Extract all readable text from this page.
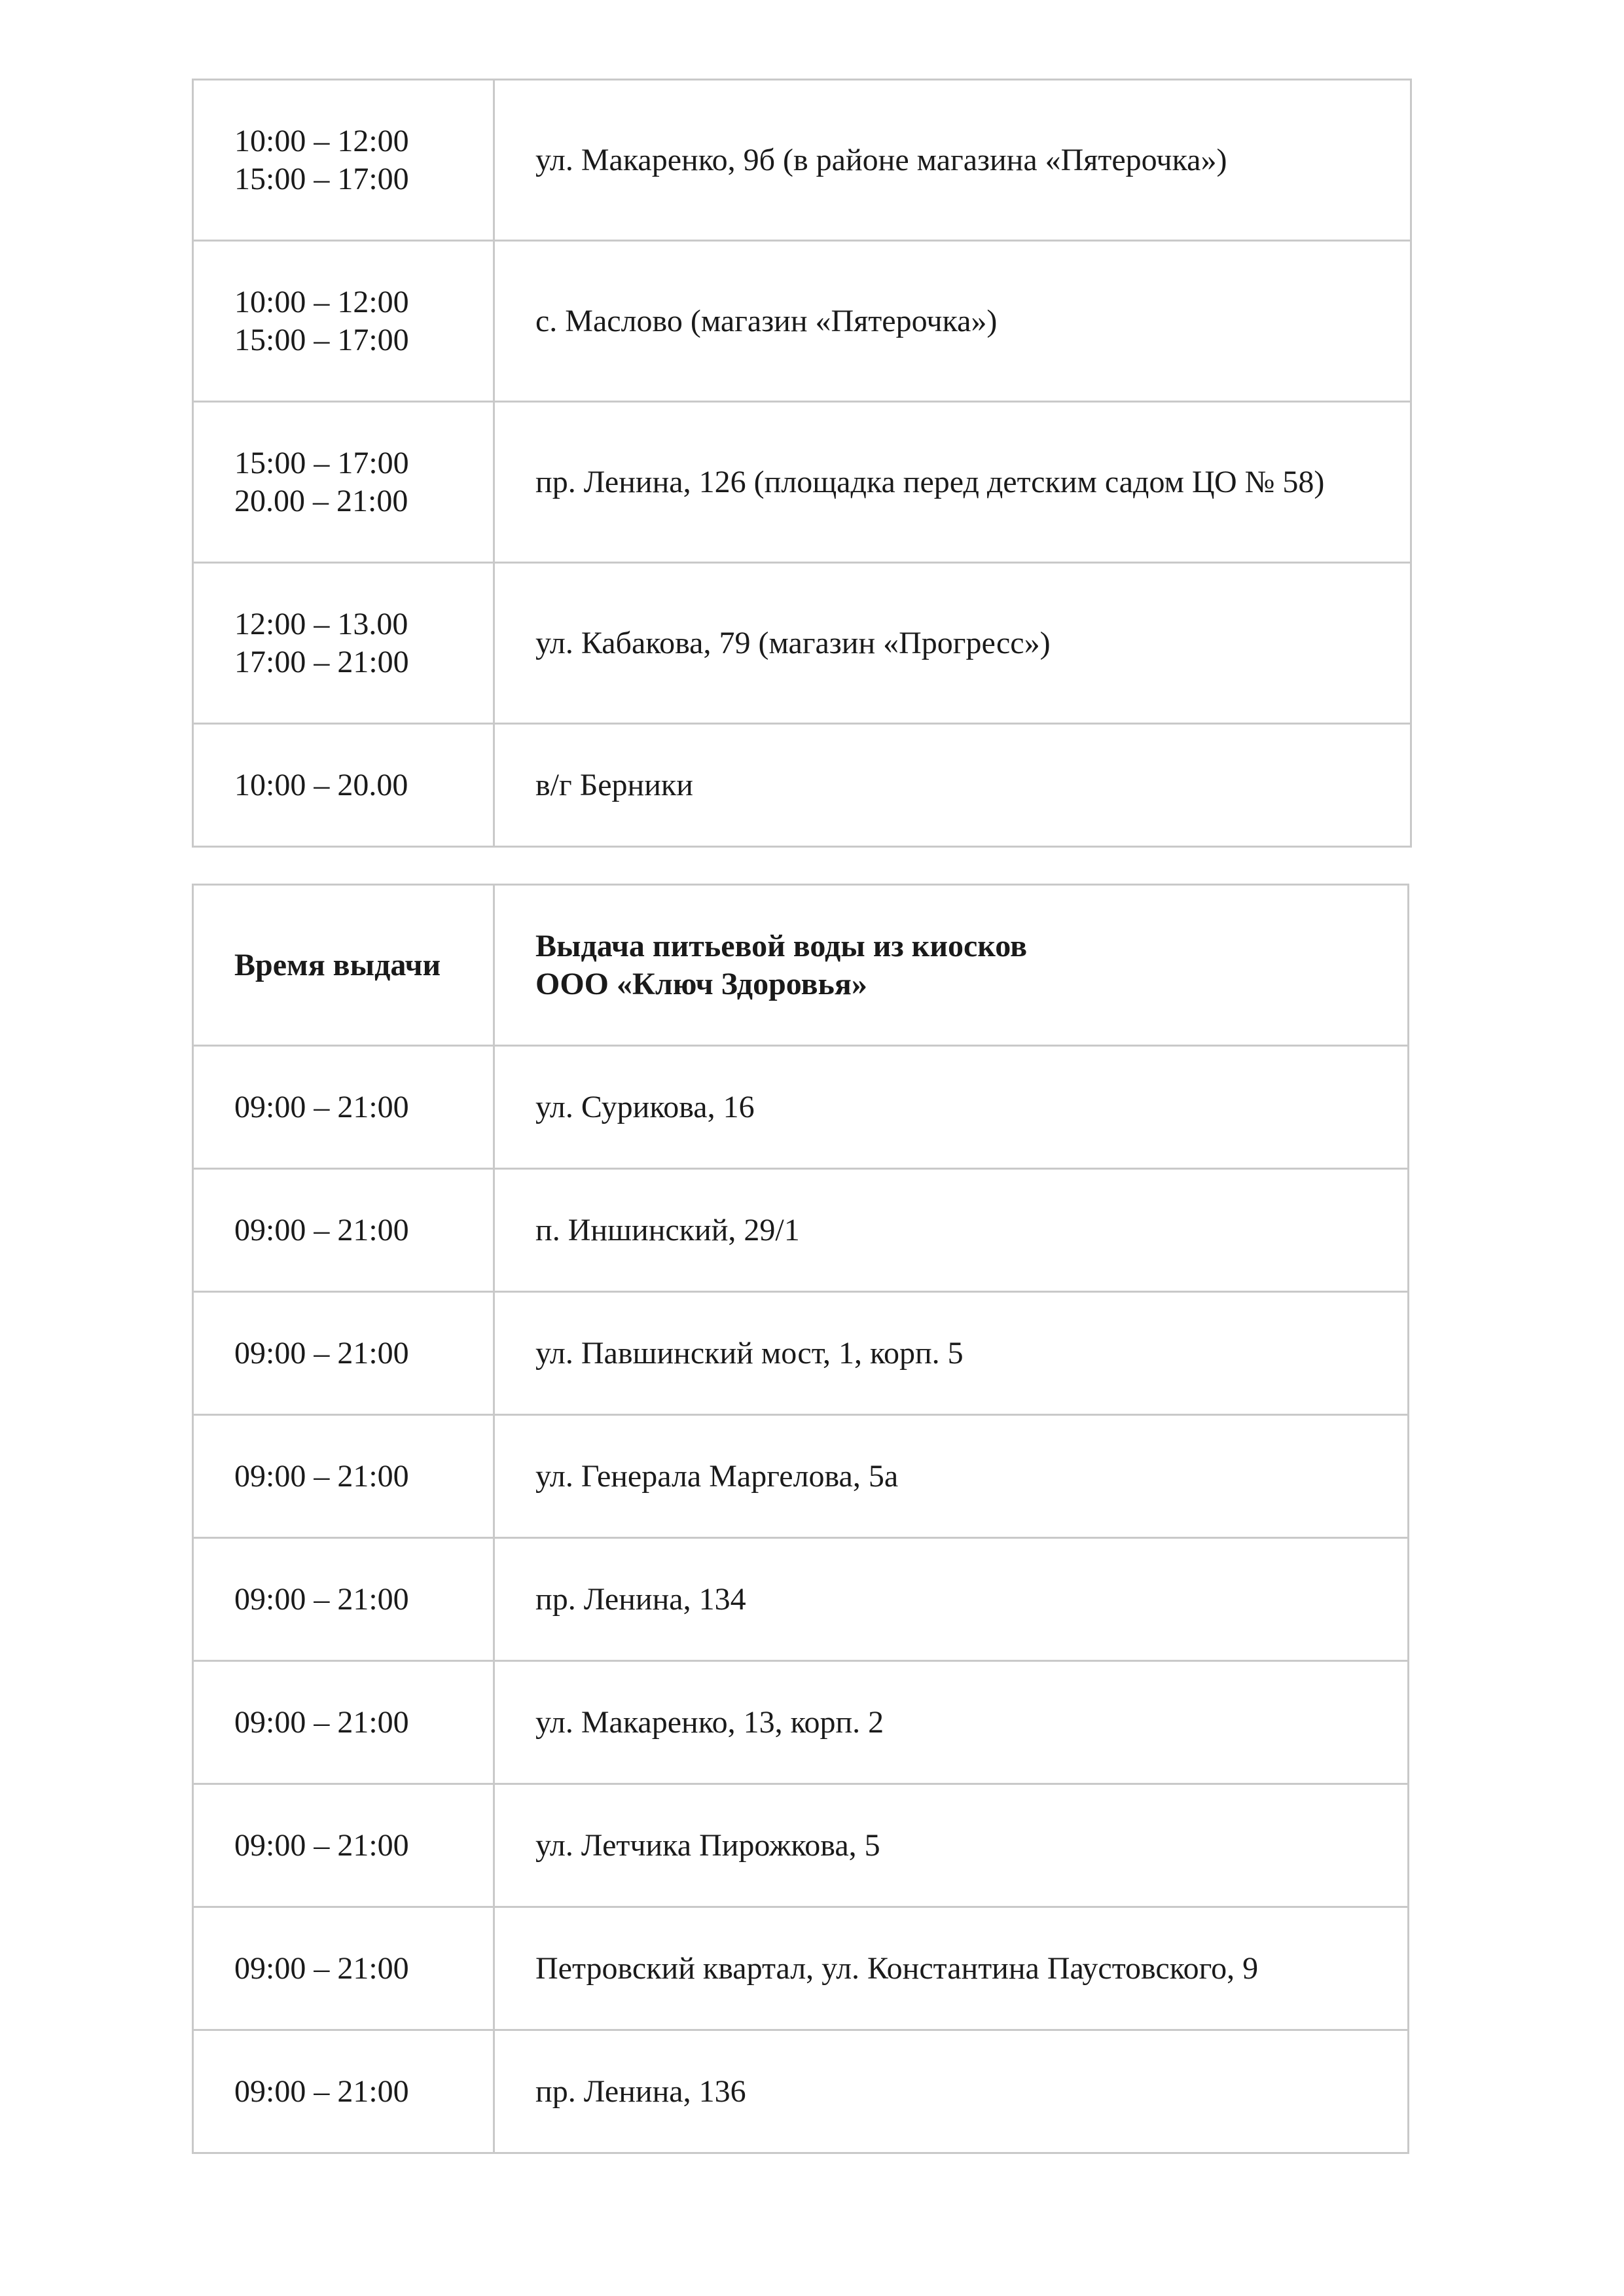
10:00 – 12:00
15:00 – 17:00	ул. Макаренко, 9б (в районе магазина «Пятерочка»)

10:00 – 12:00
15:00 – 17:00	с. Маслово (магазин «Пятерочка»)

15:00 – 17:00
20.00 – 21:00	пр. Ленина, 126 (площадка перед детским садом ЦО № 58)

12:00 – 13.00
17:00 – 21:00	ул. Кабакова, 79 (магазин «Прогресс»)

10:00 – 20.00	в/г Берники
Время выдачи	Выдача питьевой воды из киосков
ООО «Ключ Здоровья»

09:00 – 21:00	ул. Сурикова, 16
09:00 – 21:00	п. Иншинский, 29/1
09:00 – 21:00	ул. Павшинский мост, 1, корп. 5
09:00 – 21:00	ул. Генерала Маргелова, 5а
09:00 – 21:00	пр. Ленина, 134
09:00 – 21:00	ул. Макаренко, 13, корп. 2
09:00 – 21:00	ул. Летчика Пирожкова, 5
09:00 – 21:00	Петровский квартал, ул. Константина Паустовского, 9
09:00 – 21:00	пр. Ленина, 136
